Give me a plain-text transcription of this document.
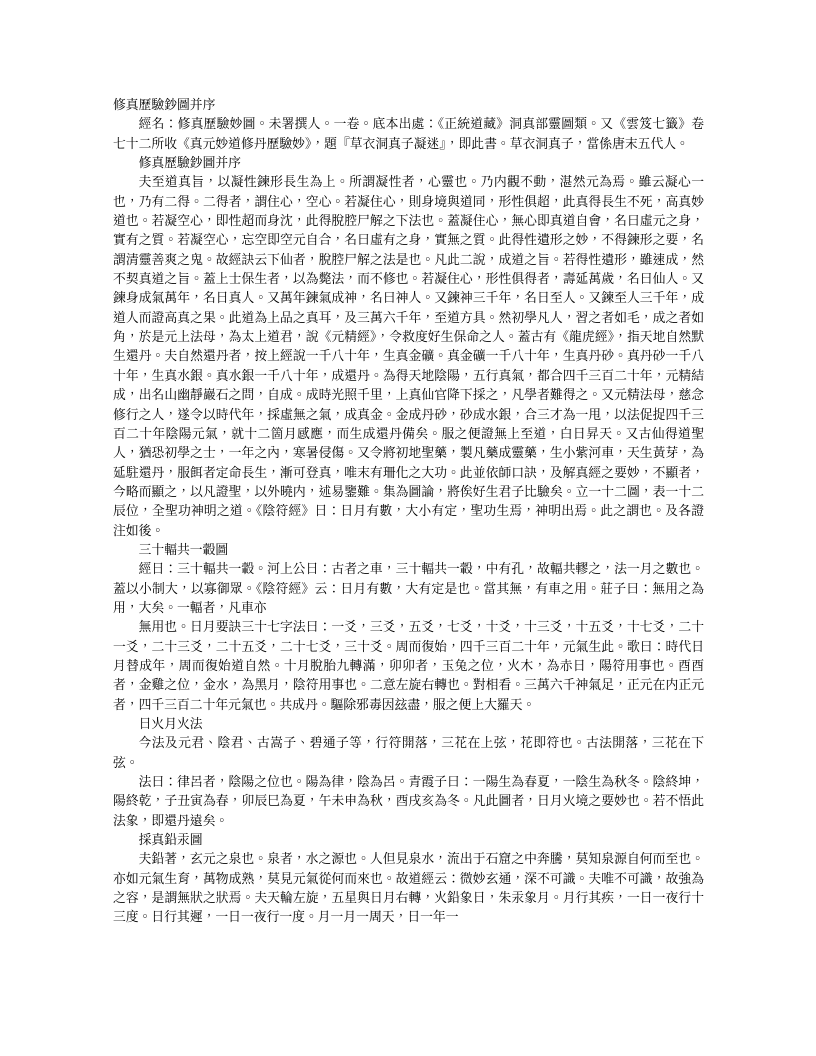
修真歷驗鈔圖并序

經名：修真歷驗妙圖。未署撰人。一卷。底本出處：《正統道藏》洞真部靈圖類。又《雲笈七籤》卷七十二所收《真元妙道修丹歷驗妙》，題『草衣洞真子凝迷』，即此書。草衣洞真子，當係唐末五代人。

修真歷驗鈔圖并序

夫至道真旨，以凝性鍊形長生為上。所謂凝性者，心靈也。乃内觀不動，湛然元為焉。雖云凝心一也，乃有二得。二得者，謂住心，空心。若凝住心，則身境與道同，形性俱超，此真得長生不死，高真妙道也。若凝空心，即性超而身沈，此得脫腔尸解之下法也。蓋凝住心，無心即真道自會，名曰虛元之身，實有之質。若凝空心，忘空即空元自合，名曰虛有之身，實無之質。此得性遺形之妙，不得鍊形之要，名謂清靈善爽之鬼。故經訣云下仙者，脫腔尸解之法是也。凡此二說，成道之旨。若得性遺形，雖速成，然不契真道之旨。蓋上士保生者，以為斃法，而不修也。若凝住心，形性俱得者，壽延萬歲，名曰仙人。又鍊身成氣萬年，名日真人。又萬年鍊氣成神，名曰神人。又鍊神三千年，名日至人。又鍊至人三千年，成道人而證高真之果。此道為上品之真耳，及三萬六千年，至道方具。然初學凡人，習之者如毛，成之者如角，於是元上法母，為太上道君，說《元精經》，令救度好生保命之人。蓋古有《龍虎經》，指天地自然默生還丹。夫自然還丹者，按上經說一千八十年，生真金礦。真金礦一千八十年，生真丹砂。真丹砂一千八十年，生真水銀。真水銀一千八十年，成還丹。為得天地陰陽，五行真氣，都合四千三百二十年，元精結成，出名山幽靜巖石之問，自成。成時光照千里，上真仙官降下採之，凡學者難得之。又元精法母，慈念修行之人，遂令以時代年，採虛無之氣，成真金。金成丹砂，砂成水銀，合三才為一甩，以法促捉四千三百二十年陰陽元氣，就十二箇月感應，而生成還丹備矣。服之便證無上至道，白日昇天。又古仙得道聖人，猶恐初學之士，一年之內，寒暑侵傷。又令將初地聖藥，製凡藥成靈藥，生小紫河車，天生黃芽，為延駐還丹，服餌者定命長生，漸可登真，唯末有珊化之大功。此並依師口訣，及解真經之要妙，不顯者，今略而顯之，以凡證聖，以外曉内，述易鑒難。集為圖論，將俟好生君子比驗矣。立一十二圖，表一十二辰位，全聖功神明之道。《陰符經》日：日月有數，大小有定，聖功生焉，神明出焉。此之謂也。及各證注如後。

三十輻共一轂圖

經日：三十輻共一轂。河上公日：古者之車，三十輻共一轂，中有孔，故輻共轇之，法一月之數也。蓋以小制大，以寡御眾。《陰符經》云：日月有數，大有定是也。當其無，有車之用。莊子曰：無用之為用，大矣。一輻者，凡車亦

無用也。日月要訣三十七字法曰：一爻，三爻，五爻，七爻，十爻，十三爻，十五爻，十七爻，二十一爻，二十三爻，二十五爻，二十七爻，三十爻。周而復始，四千三百二十年，元氣生此。歌曰：時代日月替成年，周而復始道自然。十月脫胎九轉滿，卯卯者，玉兔之位，火木，為赤日，陽符用事也。酉酉者，金雞之位，金水，為黑月，陰符用事也。二意左旋右轉也。對相看。三萬六千神氣足，正元在内正元者，四千三百二十年元氣也。共成丹。驅除邪毒因玆盡，服之便上大羅天。

日火月火法

今法及元君、陰君、古嵩子、碧通子等，行符開落，三花在上弦，花即符也。古法開落，三花在下弦。

法曰：律呂者，陰陽之位也。陽為律，陰為呂。青霞子曰：一陽生為春夏，一陰生為秋冬。陰終坤，陽終乾，子丑寅為春，卯辰巳為夏，午未申為秋，酉戌亥為冬。凡此圖者，日月火境之要妙也。若不悟此法象，即還丹遠矣。

採真鉛汞圖

夫鉛著，玄元之泉也。泉者，水之源也。人但見泉水，流出于石窟之中奔騰，莫知泉源自何而至也。亦如元氣生育，萬物成熟，莫見元氣從何而來也。故道經云：微妙玄通，深不可識。夫唯不可識，故強為之容，是謂無狀之狀焉。夫天輪左旋，五星與日月右轉，火鉛象日，朱汞象月。月行其疾，一日一夜行十三度。日行其遲，一日一夜行一度。月一月一周天，日一年一
